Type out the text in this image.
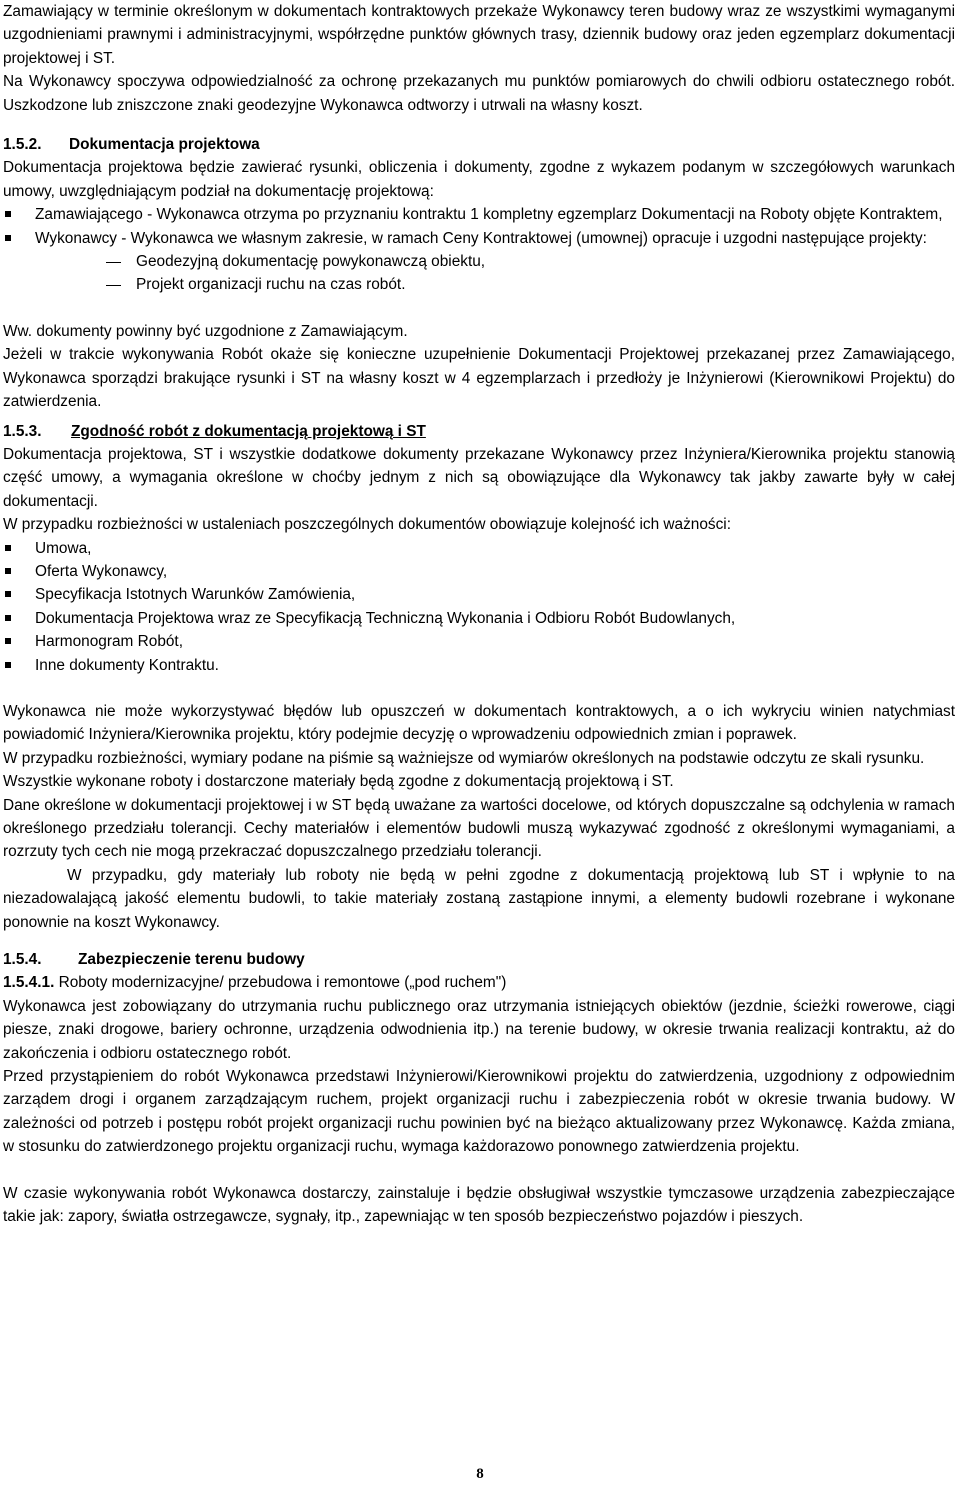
Zamawiający w terminie określonym w dokumentach kontraktowych przekaże Wykonawcy teren budowy wraz ze wszystkimi wymaganymi uzgodnieniami prawnymi i administracyjnymi, współrzędne punktów głównych trasy, dziennik budowy oraz jeden egzemplarz dokumentacji projektowej i ST.

Na Wykonawcy spoczywa odpowiedzialność za ochronę przekazanych mu punktów pomiarowych do chwili odbioru ostatecznego robót. Uszkodzone lub zniszczone znaki geodezyjne Wykonawca odtworzy i utrwali na własny koszt.

1.5.2. Dokumentacja projektowa

Dokumentacja projektowa będzie zawierać rysunki, obliczenia i dokumenty, zgodne z wykazem podanym w szczegółowych warunkach umowy, uwzględniającym podział na dokumentację projektową:

Zamawiającego - Wykonawca otrzyma po przyznaniu kontraktu 1 kompletny egzemplarz Dokumentacji na Roboty objęte Kontraktem,
Wykonawcy - Wykonawca we własnym zakresie, w ramach Ceny Kontraktowej (umownej) opracuje i uzgodni następujące projekty:
Geodezyjną dokumentację powykonawczą obiektu,
Projekt organizacji ruchu na czas robót.

Ww. dokumenty powinny być uzgodnione z Zamawiającym.

Jeżeli w trakcie wykonywania Robót okaże się konieczne uzupełnienie Dokumentacji Projektowej przekazanej przez Zamawiającego, Wykonawca sporządzi brakujące rysunki i ST na własny koszt w 4 egzemplarzach i przedłoży je Inżynierowi (Kierownikowi Projektu) do zatwierdzenia.

1.5.3. Zgodność robót z dokumentacją projektową i ST

Dokumentacja projektowa, ST i wszystkie dodatkowe dokumenty przekazane Wykonawcy przez Inżyniera/Kierownika projektu stanowią część umowy, a wymagania określone w choćby jednym z nich są obowiązujące dla Wykonawcy tak jakby zawarte były w całej dokumentacji.

W przypadku rozbieżności w ustaleniach poszczególnych dokumentów obowiązuje kolejność ich ważności:

Umowa,
Oferta Wykonawcy,
Specyfikacja Istotnych Warunków Zamówienia,
Dokumentacja Projektowa wraz ze Specyfikacją Techniczną Wykonania i Odbioru Robót Budowlanych,
Harmonogram Robót,
Inne dokumenty Kontraktu.

Wykonawca nie może wykorzystywać błędów lub opuszczeń w dokumentach kontraktowych, a o ich wykryciu winien natychmiast powiadomić Inżyniera/Kierownika projektu, który podejmie decyzję o wprowadzeniu odpowiednich zmian i poprawek.

W przypadku rozbieżności, wymiary podane na piśmie są ważniejsze od wymiarów określonych na podstawie odczytu ze skali rysunku.

Wszystkie wykonane roboty i dostarczone materiały będą zgodne z dokumentacją projektową i ST.

Dane określone w dokumentacji projektowej i w ST będą uważane za wartości docelowe, od których dopuszczalne są odchylenia w ramach określonego przedziału tolerancji. Cechy materiałów i elementów budowli muszą wykazywać zgodność z określonymi wymaganiami, a rozrzuty tych cech nie mogą przekraczać dopuszczalnego przedziału tolerancji.

W przypadku, gdy materiały lub roboty nie będą w pełni zgodne z dokumentacją projektową lub ST i wpłynie to na niezadowalającą jakość elementu budowli, to takie materiały zostaną zastąpione innymi, a elementy budowli rozebrane i wykonane ponownie na koszt Wykonawcy.

1.5.4. Zabezpieczenie terenu budowy

1.5.4.1. Roboty modernizacyjne/ przebudowa i remontowe („pod ruchem")

Wykonawca jest zobowiązany do utrzymania ruchu publicznego oraz utrzymania istniejących obiektów (jezdnie, ścieżki rowerowe, ciągi piesze, znaki drogowe, bariery ochronne, urządzenia odwodnienia itp.) na terenie budowy, w okresie trwania realizacji kontraktu, aż do zakończenia i odbioru ostatecznego robót.

Przed przystąpieniem do robót Wykonawca przedstawi Inżynierowi/Kierownikowi projektu do zatwierdzenia, uzgodniony z odpowiednim zarządem drogi i organem zarządzającym ruchem, projekt organizacji ruchu i zabezpieczenia robót w okresie trwania budowy. W zależności od potrzeb i postępu robót projekt organizacji ruchu powinien być na bieżąco aktualizowany przez Wykonawcę. Każda zmiana, w stosunku do zatwierdzonego projektu organizacji ruchu, wymaga każdorazowo ponownego zatwierdzenia projektu.

W czasie wykonywania robót Wykonawca dostarczy, zainstaluje i będzie obsługiwał wszystkie tymczasowe urządzenia zabezpieczające takie jak: zapory, światła ostrzegawcze, sygnały, itp., zapewniając w ten sposób bezpieczeństwo pojazdów i pieszych.

8
